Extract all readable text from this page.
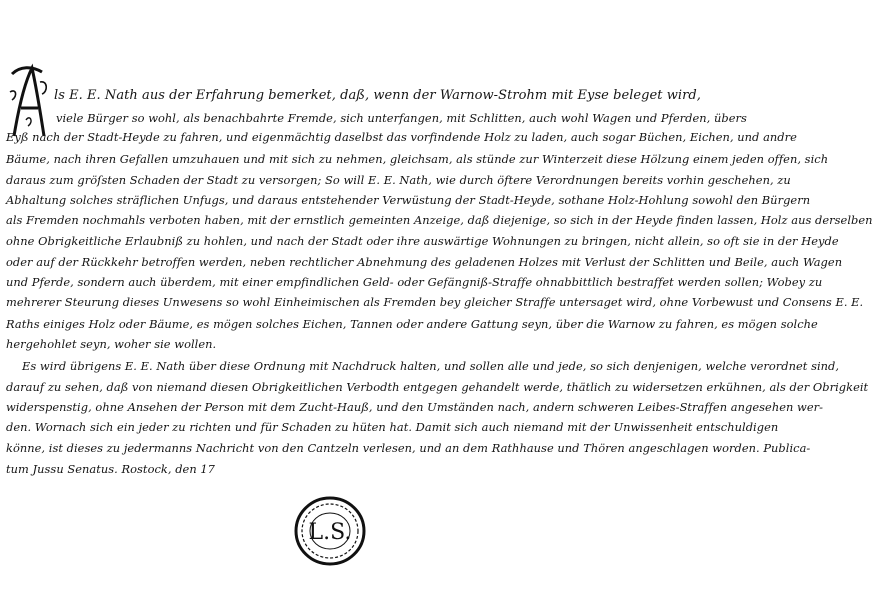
ls E. E. Nath aus der Erfahrung bemerket, daß, wenn der Warnow-Strohm mit Eyse beleget wird,
viele Bürger so wohl, als benachbahrte Fremde, sich unterfangen, mit Schlitten, auch wohl Wagen und Pferden, übers
Eyß nach der Stadt-Heyde zu fahren, und eigenmächtig daselbst das vorfindende Holz zu laden, auch sogar Büchen, Eichen, und andre
Bäume, nach ihren Gefallen umzuhauen und mit sich zu nehmen, gleichsam, als stünde zur Winterzeit diese Hölzung einem jeden offen, sich
daraus zum gröſsten Schaden der Stadt zu versorgen; So will E. E. Nath, wie durch öftere Verordnungen bereits vorhin geschehen, zu
Abhaltung solches sträflichen Unfugs, und daraus entstehender Verwüstung der Stadt-Heyde, sothane Holz-Hohlung sowohl den Bürgern
als Fremden nochmahls verboten haben, mit der ernstlich gemeinten Anzeige, daß diejenige, so sich in der Heyde finden lassen, Holz aus derselben
ohne Obrigkeitliche Erlaubniß zu hohlen, und nach der Stadt oder ihre auswärtige Wohnungen zu bringen, nicht allein, so oft sie in der Heyde
oder auf der Rückkehr betroffen werden, neben rechtlicher Abnehmung des geladenen Holzes mit Verlust der Schlitten und Beile, auch Wagen
und Pferde, sondern auch überdem, mit einer empfindlichen Geld- oder Gefängniß-Straffe ohnabbittlich bestraffet werden sollen; Wobey zu
mehrerer Steurung dieses Unwesens so wohl Einheimischen als Fremden bey gleicher Straffe untersaget wird, ohne Vorbewust und Consens E. E.
Raths einiges Holz oder Bäume, es mögen solches Eichen, Tannen oder andere Gattung seyn, über die Warnow zu fahren, es mögen solche
hergehohlet seyn, woher sie wollen.
Es wird übrigens E. E. Nath über diese Ordnung mit Nachdruck halten, und sollen alle und jede, so sich denjenigen, welche verordnet sind,
darauf zu sehen, daß von niemand diesen Obrigkeitlichen Verbodth entgegen gehandelt werde, thätlich zu widersetzen erkühnen, als der Obrigkeit
widerspenstig, ohne Ansehen der Person mit dem Zucht-Hauß, und den Umständen nach, andern schweren Leibes-Straffen angesehen wer-
den. Wornach sich ein jeder zu richten und für Schaden zu hüten hat. Damit sich auch niemand mit der Unwissenheit entschuldigen
könne, ist dieses zu jedermanns Nachricht von den Cantzeln verlesen, und an dem Rathhause und Thören angeschlagen worden. Publica-
tum Jussu Senatus. Rostock, den 17
L.S.
